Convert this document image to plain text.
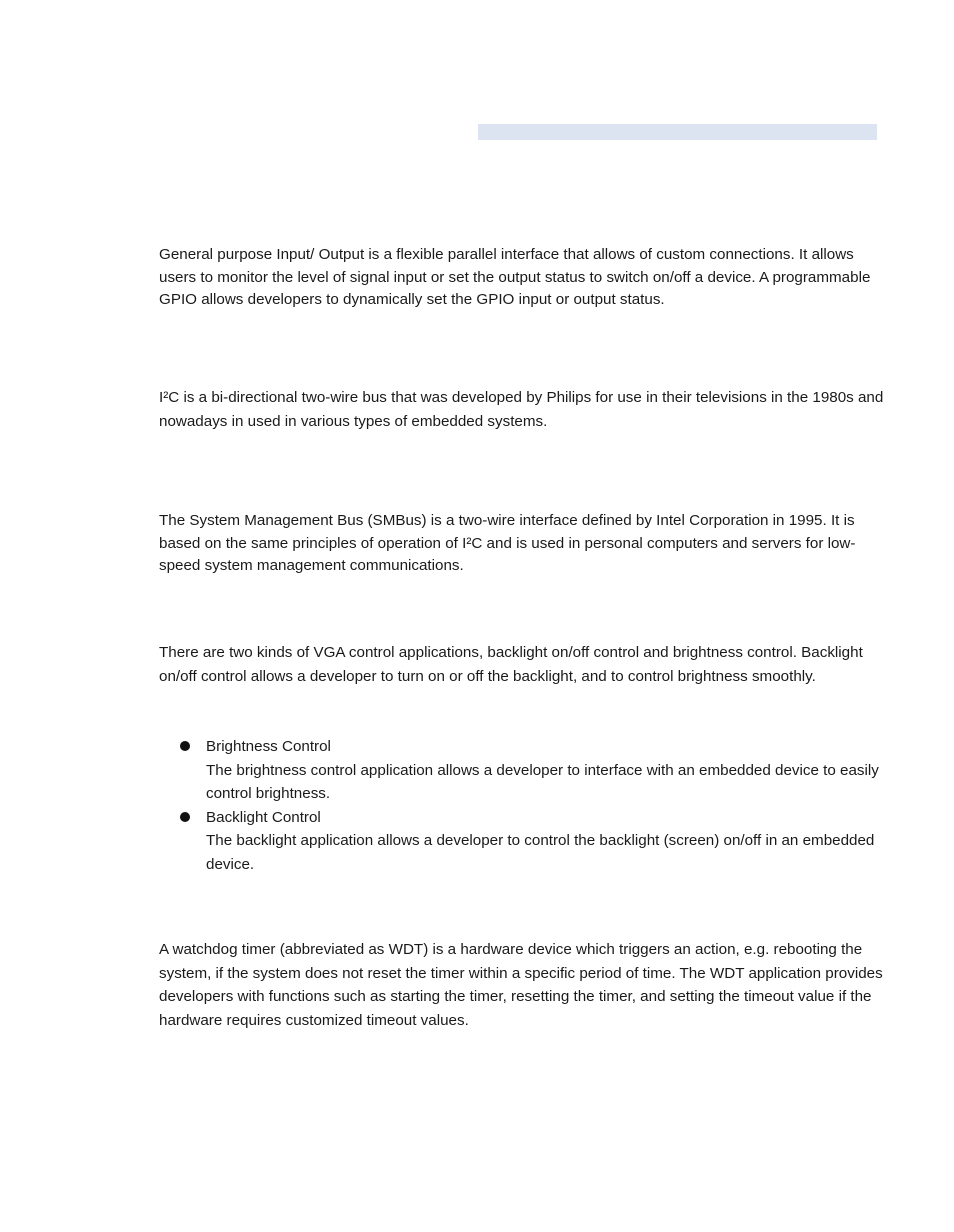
General purpose Input/ Output is a flexible parallel interface that allows of custom connections. It allows users to monitor the level of signal input or set the output status to switch on/off a device. A programmable GPIO allows developers to dynamically set the GPIO input or output status.

I²C is a bi-directional two-wire bus that was developed by Philips for use in their televisions in the 1980s and nowadays in used in various types of embedded systems.

The System Management Bus (SMBus) is a two-wire interface defined by Intel Corporation in 1995. It is based on the same principles of operation of I²C and is used in personal computers and servers for low-speed system management communications.

There are two kinds of VGA control applications, backlight on/off control and brightness control. Backlight on/off control allows a developer to turn on or off the backlight, and to control brightness smoothly.

Brightness Control
The brightness control application allows a developer to interface with an embedded device to easily control brightness.
Backlight Control
The backlight application allows a developer to control the backlight (screen) on/off in an embedded device.

A watchdog timer (abbreviated as WDT) is a hardware device which triggers an action, e.g. rebooting the system, if the system does not reset the timer within a specific period of time. The WDT application provides developers with functions such as starting the timer, resetting the timer, and setting the timeout value if the hardware requires customized timeout values.
